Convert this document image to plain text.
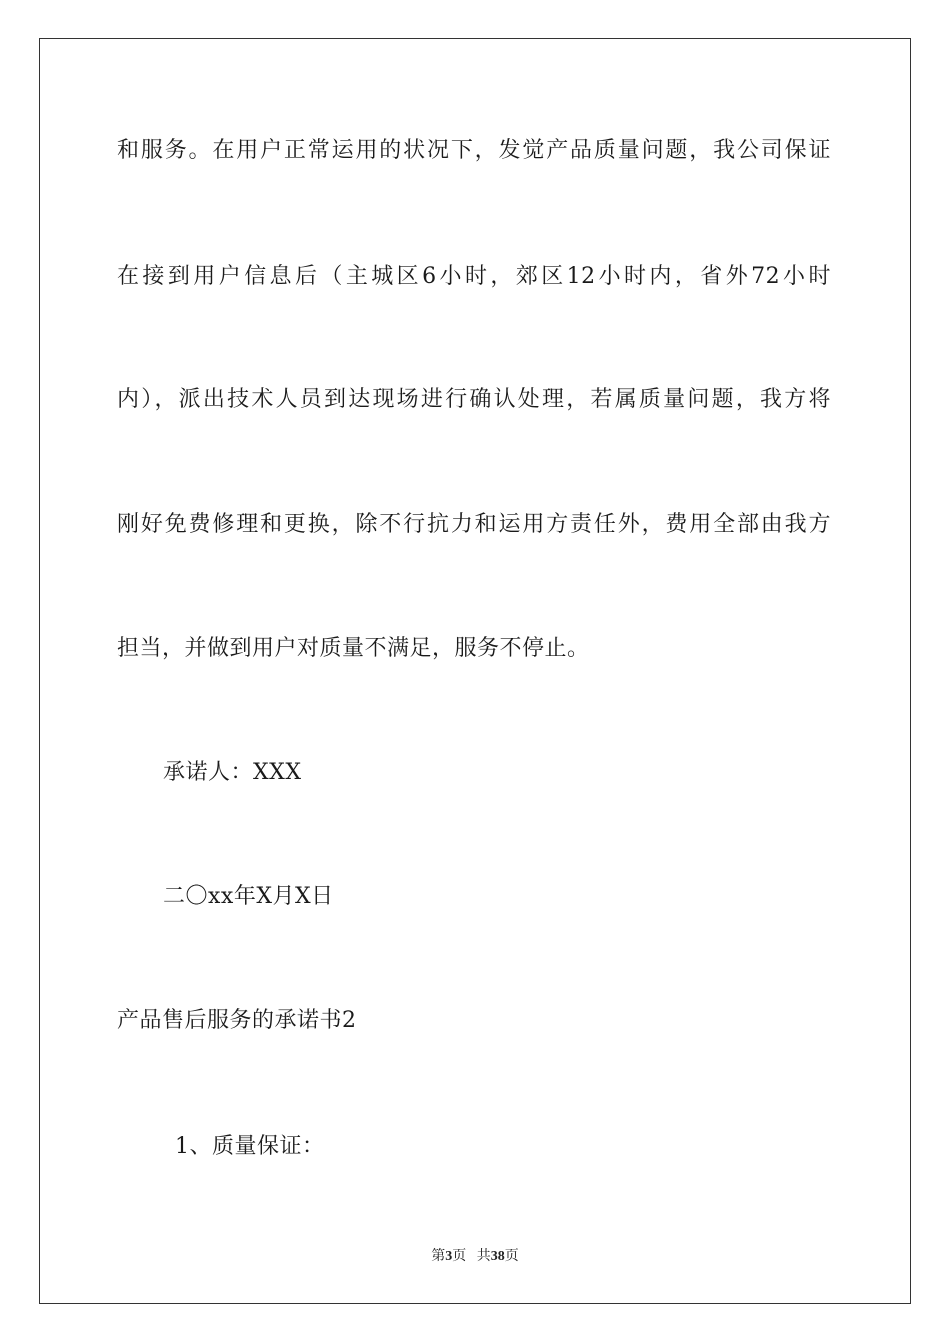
和服务。在用户正常运用的状况下，发觉产品质量问题，我公司保证
在接到用户信息后（主城区6小时，郊区12小时内，省外72小时
内），派出技术人员到达现场进行确认处理，若属质量问题，我方将
刚好免费修理和更换，除不行抗力和运用方责任外，费用全部由我方
担当，并做到用户对质量不满足，服务不停止。
承诺人：XXX
二〇xx年X月X日
产品售后服务的承诺书2
1、质量保证：
第3页 共38页
